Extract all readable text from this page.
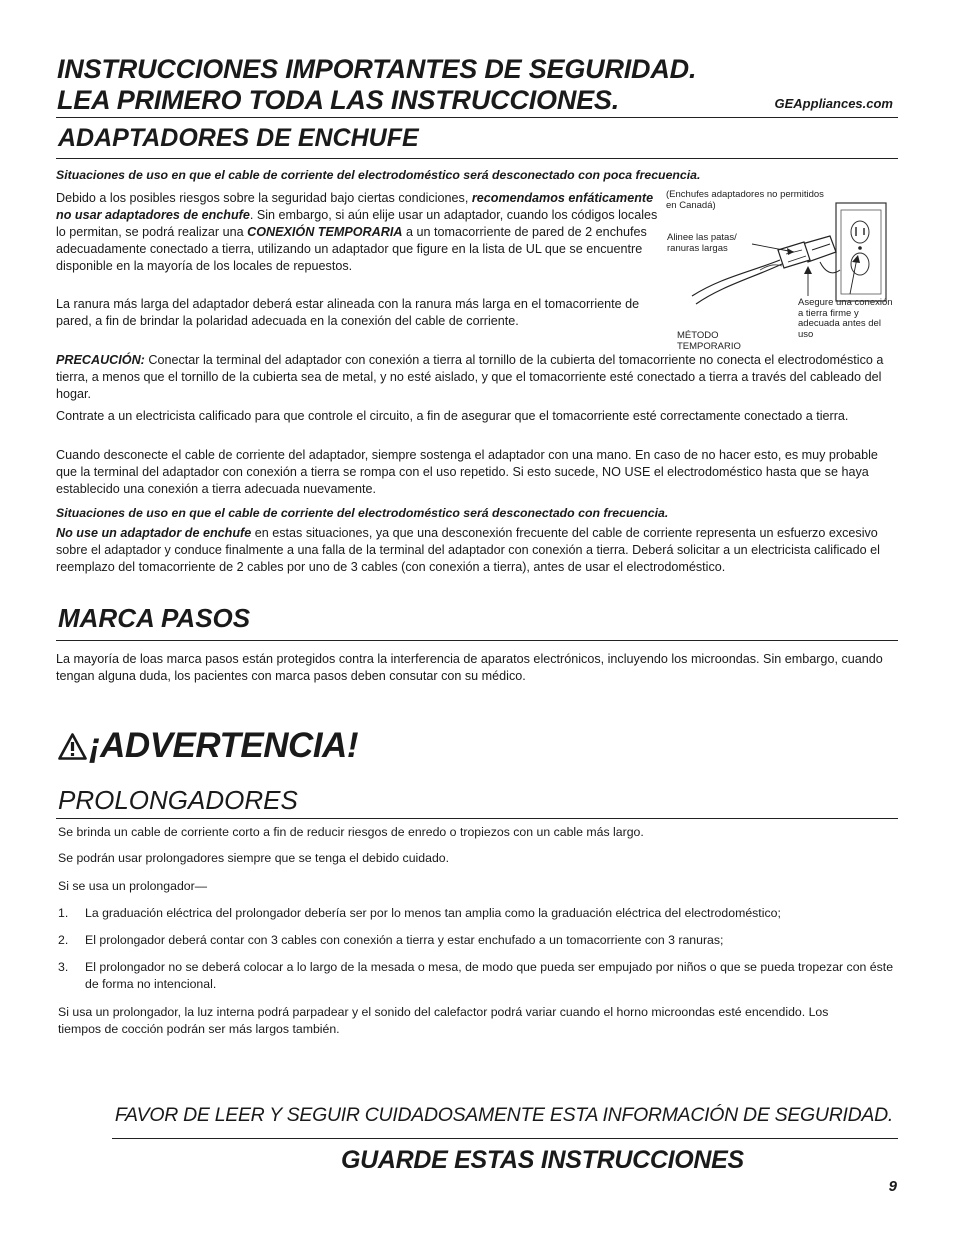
INSTRUCCIONES IMPORTANTES DE SEGURIDAD.
LEA PRIMERO TODA LAS INSTRUCCIONES.	GEAppliances.com
ADAPTADORES DE ENCHUFE

Situaciones de uso en que el cable de corriente del electrodoméstico será desconectado con poca frecuencia.

Debido a los posibles riesgos sobre la seguridad bajo ciertas condiciones, recomendamos enfáticamente no usar adaptadores de enchufe. Sin embargo, si aún elije usar un adaptador, cuando los códigos locales lo permitan, se podrá realizar una CONEXIÓN TEMPORARIA a un tomacorriente de pared de 2 enchufes adecuadamente conectado a tierra, utilizando un adaptador que figure en la lista de UL que se encuentre disponible en la mayoría de los locales de repuestos.

La ranura más larga del adaptador deberá estar alineada con la ranura más larga en el tomacorriente de pared, a fin de brindar la polaridad adecuada en la conexión del cable de corriente.

PRECAUCIÓN: Conectar la terminal del adaptador con conexión a tierra al tornillo de la cubierta del tomacorriente no conecta el electrodoméstico a tierra, a menos que el tornillo de la cubierta sea de metal, y no esté aislado, y que el tomacorriente esté conectado a tierra a través del cableado del hogar.

Contrate a un electricista calificado para que controle el circuito, a fin de asegurar que el tomacorriente esté correctamente conectado a tierra.

Cuando desconecte el cable de corriente del adaptador, siempre sostenga el adaptador con una mano. En caso de no hacer esto, es muy probable que la terminal del adaptador con conexión a tierra se rompa con el uso repetido. Si esto sucede, NO USE el electrodoméstico hasta que se haya establecido una conexión a tierra adecuada nuevamente.

Situaciones de uso en que el cable de corriente del electrodoméstico será desconectado con frecuencia.

No use un adaptador de enchufe en estas situaciones, ya que una desconexión frecuente del cable de corriente representa un esfuerzo excesivo sobre el adaptador y conduce finalmente a una falla de la terminal del adaptador con conexión a tierra. Deberá solicitar a un electricista calificado el reemplazo del tomacorriente de 2 cables por uno de 3 cables (con conexión a tierra), antes de usar el electrodoméstico.

(Enchufes adaptadores no permitidos en Canadá)
Alinee las patas/ ranuras largas
Asegure una conexión a tierra firme y adecuada antes del uso
MÉTODO TEMPORARIO
MARCA PASOS

La mayoría de loas marca pasos están protegidos contra la interferencia de aparatos electrónicos, incluyendo los microondas. Sin embargo, cuando tengan alguna duda, los pacientes con marca pasos deben consutar con su médico.

¡ADVERTENCIA!
PROLONGADORES

Se brinda un cable de corriente corto a fin de reducir riesgos de enredo o tropiezos con un cable más largo.

Se podrán usar prolongadores siempre que se tenga el debido cuidado.

Si se usa un prolongador—

1. La graduación eléctrica del prolongador debería ser por lo menos tan amplia como la graduación eléctrica del electrodoméstico;
2. El prolongador deberá contar con 3 cables con conexión a tierra y estar enchufado a un tomacorriente con 3 ranuras;
3. El prolongador no se deberá colocar a lo largo de la mesada o mesa, de modo que pueda ser empujado por niños o que se pueda tropezar con éste de forma no intencional.

Si usa un prolongador, la luz interna podrá parpadear y el sonido del calefactor podrá variar cuando el horno microondas esté encendido. Los tiempos de cocción podrán ser más largos también.

FAVOR DE LEER Y SEGUIR CUIDADOSAMENTE ESTA INFORMACIÓN DE SEGURIDAD.
GUARDE ESTAS INSTRUCCIONES
9
